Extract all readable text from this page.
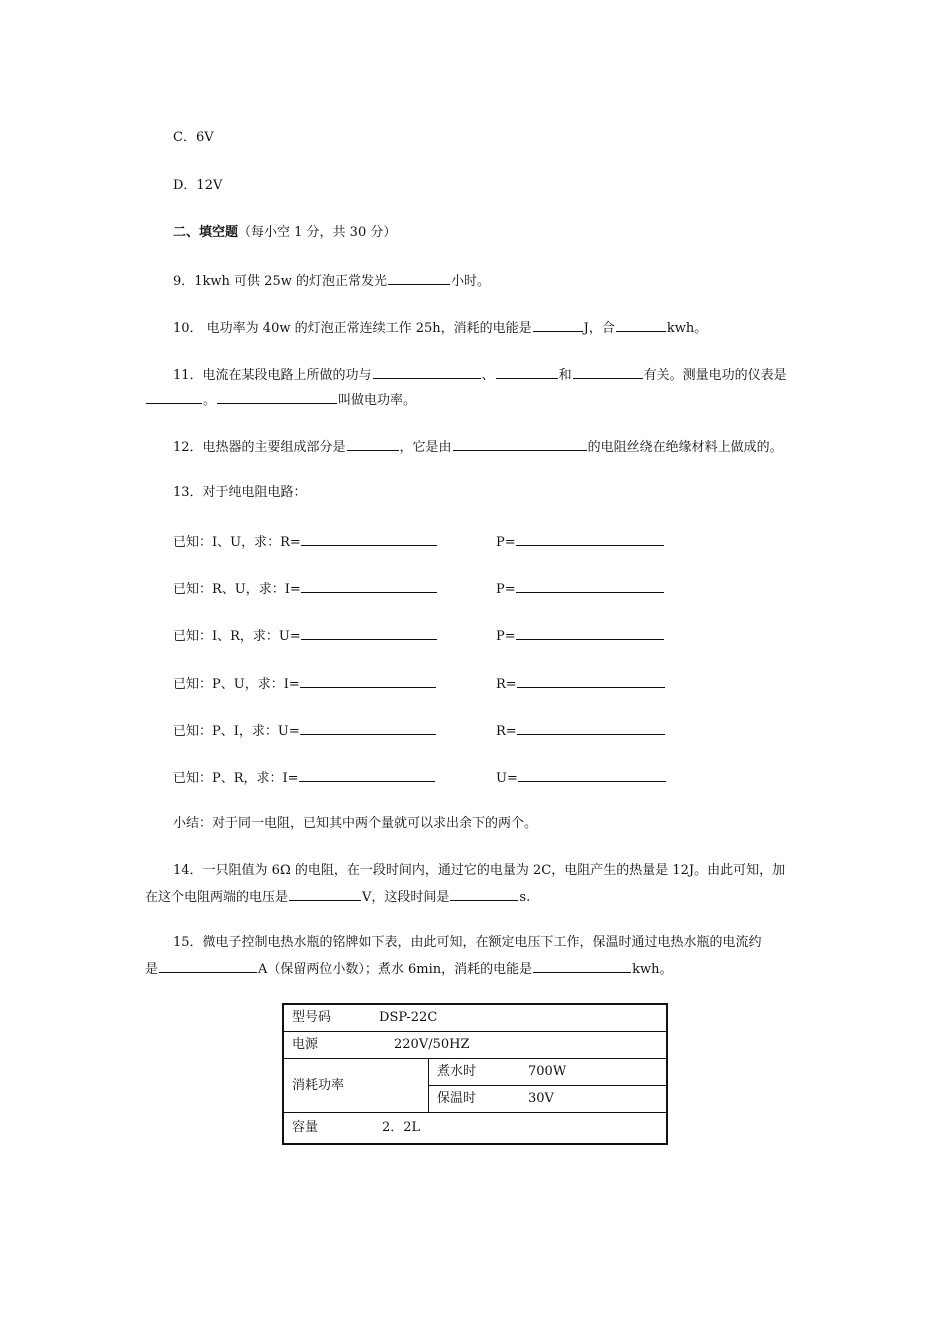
C．6V
D．12V
二、填空题（每小空 1 分，共 30 分）
9．1kwh 可供 25w 的灯泡正常发光	小时。
10． 电功率为 40w 的灯泡正常连续工作 25h，消耗的电能是	J，合	kwh。
11．电流在某段电路上所做的功与	、	和	有关。测量电功的仪表是
。	叫做电功率。
12．电热器的主要组成部分是	，它是由	的电阻丝绕在绝缘材料上做成的。
13．对于纯电阻电路：
已知：I、U，求：R=	P=
已知：R、U，求：I=	P=
已知：I、R，求：U=	P=
已知：P、U，求：I=	R=
已知：P、I，求：U=	R=
已知：P、R，求：I=	U=
小结：对于同一电阻，已知其中两个量就可以求出余下的两个。
14．一只阻值为 6Ω 的电阻，在一段时间内，通过它的电量为 2C，电阻产生的热量是 12J。由此可知，加
在这个电阻两端的电压是	V，这段时间是	s.
15．微电子控制电热水瓶的铭牌如下表，由此可知，在额定电压下工作，保温时通过电热水瓶的电流约
是	A（保留两位小数）；煮水 6min，消耗的电能是	kwh。
型号码	DSP-22C
电源	220V/50HZ
消耗功率	煮水时	700W
保温时	30V
容量	2．2L
